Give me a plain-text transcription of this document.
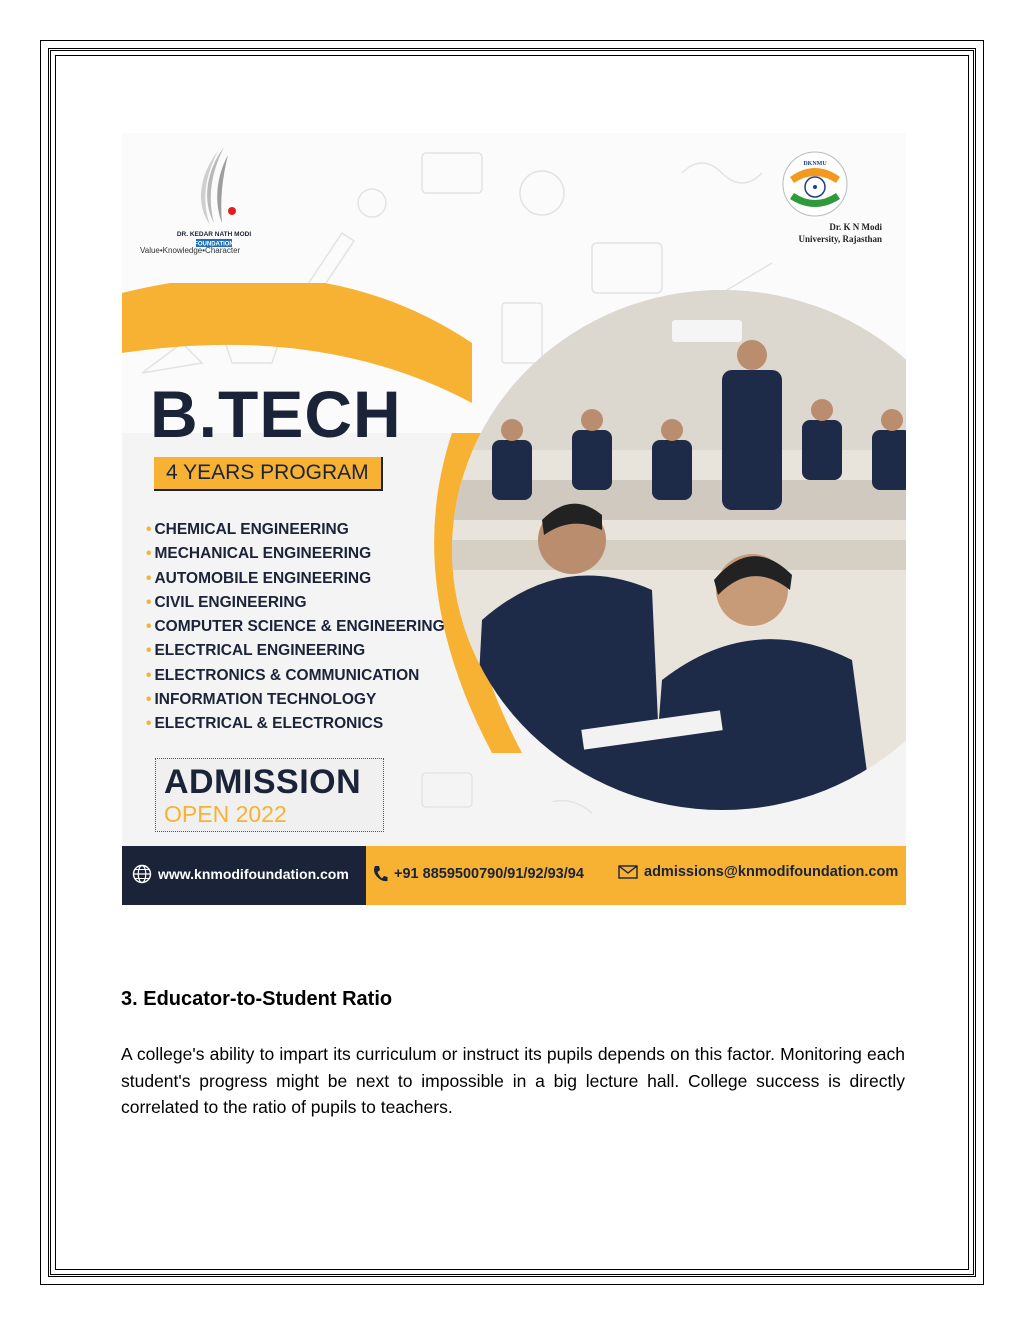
DR. KEDAR NATH MODI
FOUNDATION
Value•Knowledge•Character
DKNMU
Dr. K N Modi
University, Rajasthan
B.TECH
4 YEARS PROGRAM
• CHEMICAL ENGINEERING
• MECHANICAL ENGINEERING
• AUTOMOBILE ENGINEERING
• CIVIL ENGINEERING
• COMPUTER SCIENCE & ENGINEERING
• ELECTRICAL ENGINEERING
• ELECTRONICS & COMMUNICATION
• INFORMATION TECHNOLOGY
• ELECTRICAL & ELECTRONICS
ADMISSION
OPEN 2022
www.knmodifoundation.com	+91 8859500790/91/92/93/94	admissions@knmodifoundation.com
3. Educator-to-Student Ratio
A college's ability to impart its curriculum or instruct its pupils depends on this factor. Monitoring each student's progress might be next to impossible in a big lecture hall. College success is directly correlated to the ratio of pupils to teachers.
